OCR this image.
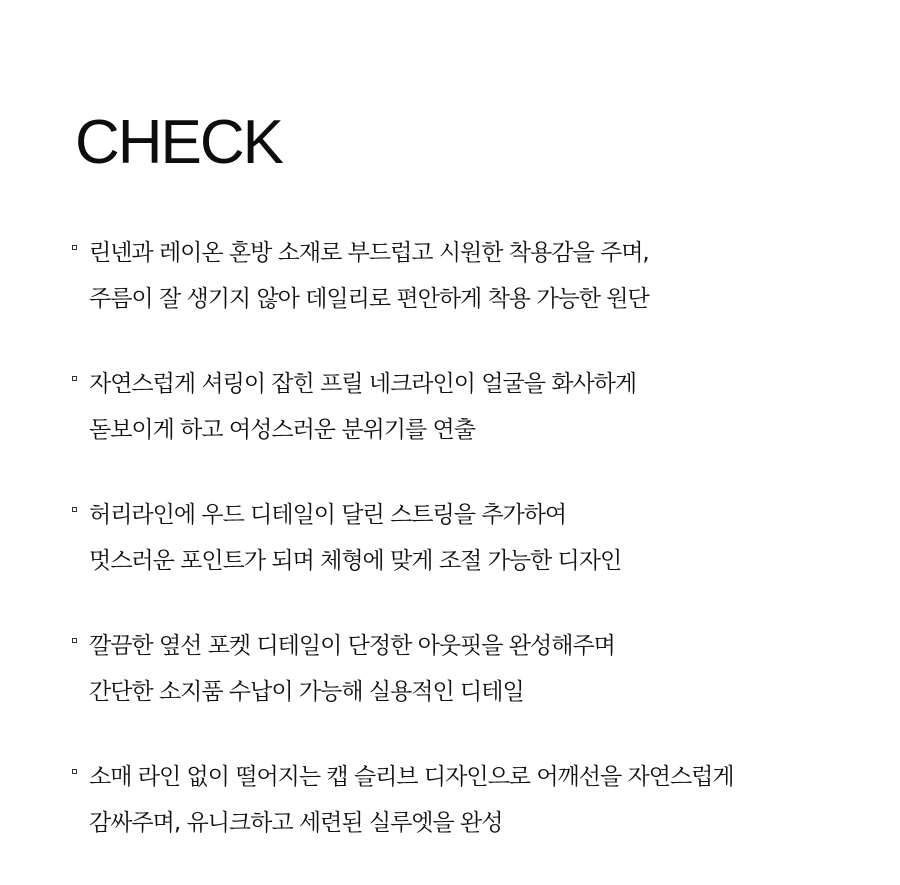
CHECK
린넨과 레이온 혼방 소재로 부드럽고 시원한 착용감을 주며,
주름이 잘 생기지 않아 데일리로 편안하게 착용 가능한 원단
자연스럽게 셔링이 잡힌 프릴 네크라인이 얼굴을 화사하게
돋보이게 하고 여성스러운 분위기를 연출
허리라인에 우드 디테일이 달린 스트링을 추가하여
멋스러운 포인트가 되며 체형에 맞게 조절 가능한 디자인
깔끔한 옆선 포켓 디테일이 단정한 아웃핏을 완성해주며
간단한 소지품 수납이 가능해 실용적인 디테일
소매 라인 없이 떨어지는 캡 슬리브 디자인으로 어깨선을 자연스럽게
감싸주며, 유니크하고 세련된 실루엣을 완성
